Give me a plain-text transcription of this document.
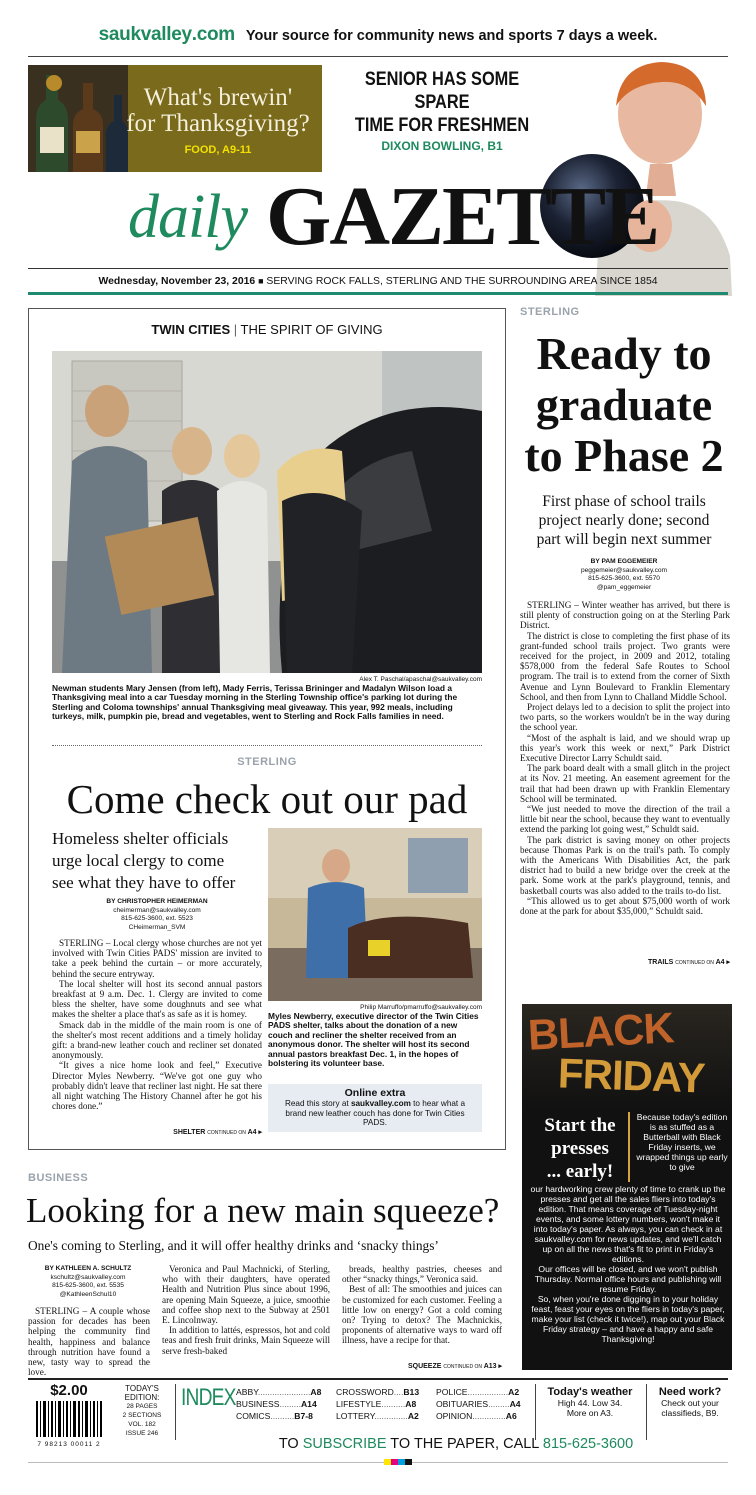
saukvalley.com Your source for community news and sports 7 days a week.
What's brewin'
for Thanksgiving?
FOOD, A9-11
SENIOR HAS SOME SPARE
TIME FOR FRESHMEN
DIXON BOWLING, B1
daily GAZETTE
Wednesday, November 23, 2016 ■ SERVING ROCK FALLS, STERLING AND THE SURROUNDING AREA SINCE 1854
TWIN CITIES | THE SPIRIT OF GIVING
Alex T. Paschal/apaschal@saukvalley.com
Newman students Mary Jensen (from left), Mady Ferris, Terissa Brininger and Madalyn Wilson load a Thanksgiving meal into a car Tuesday morning in the Sterling Township office's parking lot during the Sterling and Coloma townships' annual Thanksgiving meal giveaway. This year, 992 meals, including turkeys, milk, pumpkin pie, bread and vegetables, went to Sterling and Rock Falls families in need.
STERLING
Come check out our pad
Homeless shelter officials
urge local clergy to come
see what they have to offer
BY CHRISTOPHER HEIMERMAN
cheimerman@saukvalley.com
815-625-3600, ext. 5523
CHeimerman_SVM

STERLING – Local clergy whose churches are not yet involved with Twin Cities PADS' mission are invited to take a peek behind the curtain – or more accurately, behind the secure entryway.

The local shelter will host its second annual pastors breakfast at 9 a.m. Dec. 1. Clergy are invited to come bless the shelter, have some doughnuts and see what makes the shelter a place that's as safe as it is homey.

Smack dab in the middle of the main room is one of the shelter's most recent additions and a timely holiday gift: a brand-new leather couch and recliner set donated anonymously.

“It gives a nice home look and feel,” Executive Director Myles Newberry. “We've got one guy who probably didn't leave that recliner last night. He sat there all night watching The History Channel after he got his chores done.”

SHELTER CONTINUED ON A4 ▸
Philip Marruffo/pmarruffo@saukvalley.com
Myles Newberry, executive director of the Twin Cities PADS shelter, talks about the donation of a new couch and recliner the shelter received from an anonymous donor. The shelter will host its second annual pastors breakfast Dec. 1, in the hopes of bolstering its volunteer base.
Online extra
Read this story at saukvalley.com to hear what a brand new leather couch has done for Twin Cities PADS.
STERLING
Ready to
graduate
to Phase 2
First phase of school trails
project nearly done; second
part will begin next summer
BY PAM EGGEMEIER
peggemeier@saukvalley.com
815-625-3600, ext. 5570
@pam_eggemeier

STERLING – Winter weather has arrived, but there is still plenty of construction going on at the Sterling Park District.

The district is close to completing the first phase of its grant-funded school trails project. Two grants were received for the project, in 2009 and 2012, totaling $578,000 from the federal Safe Routes to School program. The trail is to extend from the corner of Sixth Avenue and Lynn Boulevard to Franklin Elementary School, and then from Lynn to Challand Middle School.

Project delays led to a decision to split the project into two parts, so the workers wouldn't be in the way during the school year.

“Most of the asphalt is laid, and we should wrap up this year's work this week or next,” Park District Executive Director Larry Schuldt said.

The park board dealt with a small glitch in the project at its Nov. 21 meeting. An easement agreement for the trail that had been drawn up with Franklin Elementary School will be terminated.

“We just needed to move the direction of the trail a little bit near the school, because they want to eventually extend the parking lot going west,” Schuldt said.

The park district is saving money on other projects because Thomas Park is on the trail's path. To comply with the Americans With Disabilities Act, the park district had to build a new bridge over the creek at the park. Some work at the park's playground, tennis, and basketball courts was also added to the trails to-do list.

“This allowed us to get about $75,000 worth of work done at the park for about $35,000,” Schuldt said.

TRAILS CONTINUED ON A4 ▸
BLACK
FRIDAY
Start the
presses
... early!
Because today's edition is as stuffed as a Butterball with Black Friday inserts, we wrapped things up early to give

our hardworking crew plenty of time to crank up the presses and get all the sales fliers into today's edition. That means coverage of Tuesday-night events, and some lottery numbers, won't make it into today's paper. As always, you can check in at saukvalley.com for news updates, and we'll catch up on all the news that's fit to print in Friday's editions.

Our offices will be closed, and we won't publish Thursday. Normal office hours and publishing will resume Friday.

So, when you're done digging in to your holiday feast, feast your eyes on the fliers in today's paper, make your list (check it twice!), map out your Black Friday strategy – and have a happy and safe Thanksgiving!

BUSINESS
Looking for a new main squeeze?
One's coming to Sterling, and it will offer healthy drinks and ‘snacky things’
BY KATHLEEN A. SCHULTZ
kschultz@saukvalley.com
815-625-3600, ext. 5535
@KathleenSchul10

STERLING – A couple whose passion for decades has been helping the community find health, happiness and balance through nutrition have found a new, tasty way to spread the love.

Veronica and Paul Machnicki, of Sterling, who with their daughters, have operated Health and Nutrition Plus since about 1996, are opening Main Squeeze, a juice, smoothie and coffee shop next to the Subway at 2501 E. Lincolnway.

In addition to lattés, espressos, hot and cold teas and fresh fruit drinks, Main Squeeze will serve fresh-baked

breads, healthy pastries, cheeses and other “snacky things,” Veronica said.

Best of all: The smoothies and juices can be customized for each customer. Feeling a little low on energy? Got a cold coming on? Trying to detox? The Machnickis, proponents of alternative ways to ward off illness, have a recipe for that.

SQUEEZE CONTINUED ON A13 ▸
$2.00
7 98213 00011 2
TODAY'S
EDITION:
28 PAGES
2 SECTIONS
VOL. 182
ISSUE 246
INDEX ABBY......................A8
BUSINESS.........A14
COMICS..........B7-8
CROSSWORD....B13
LIFESTYLE..........A8
LOTTERY..............A2
POLICE.................A2
OBITUARIES.........A4
OPINION..............A6
Today's weather
High 44. Low 34.
More on A3.
Need work?
Check out your
classifieds, B9.
TO SUBSCRIBE TO THE PAPER, CALL 815-625-3600
